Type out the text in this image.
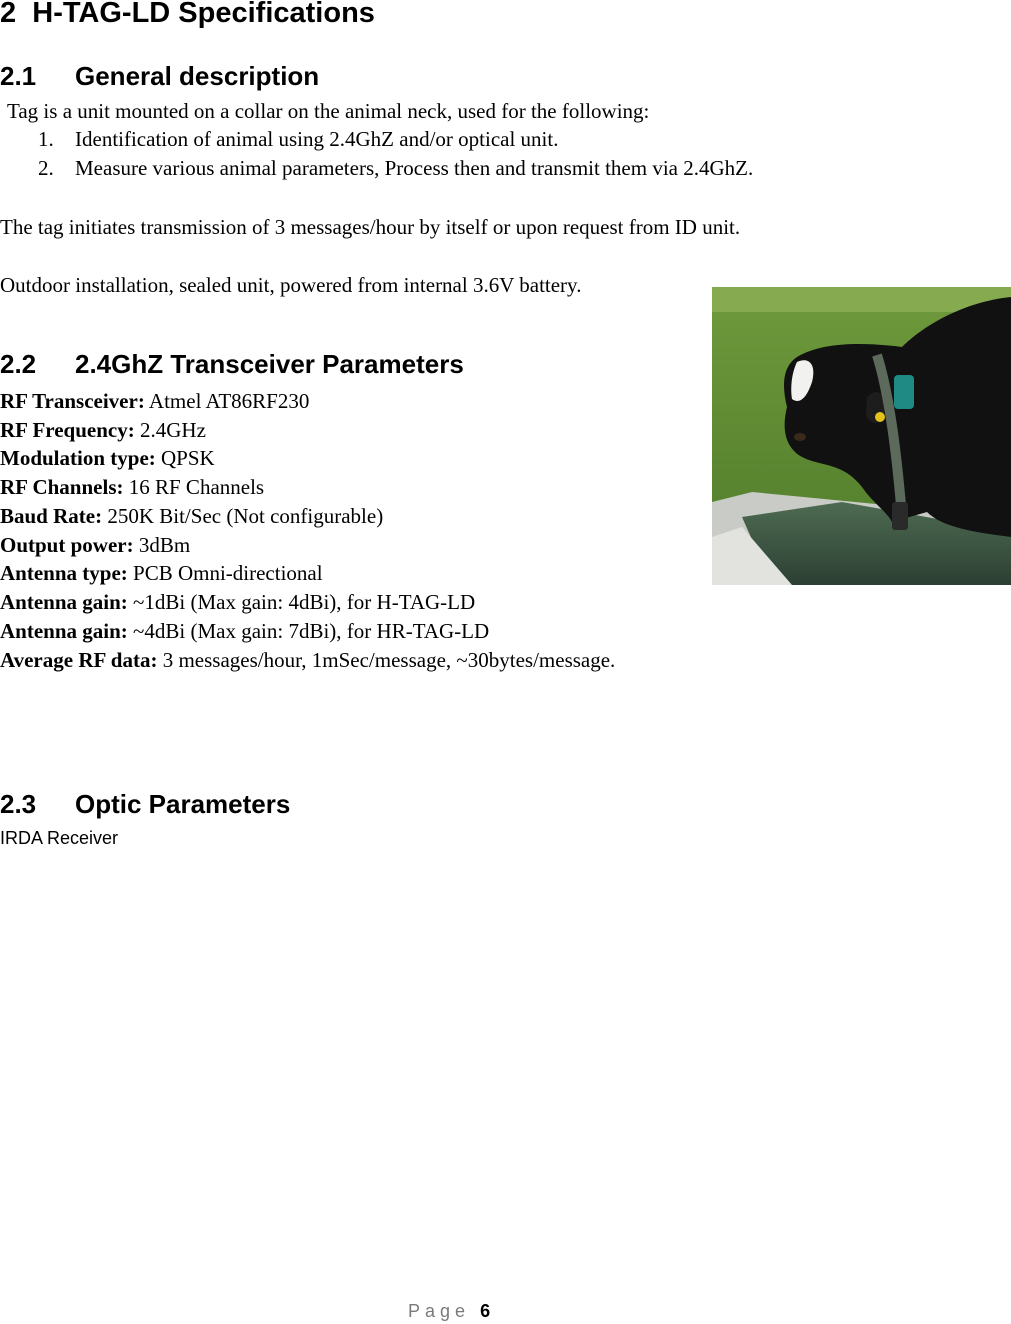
2 H-TAG-LD Specifications
2.1 General description
Tag is a unit mounted on a collar on the animal neck, used for the following:
1. Identification of animal using 2.4GhZ and/or optical unit.
2. Measure various animal parameters, Process then and transmit them via 2.4GhZ.
The tag initiates transmission of 3 messages/hour by itself or upon request from ID unit.
Outdoor installation, sealed unit, powered from internal 3.6V battery.
2.2 2.4GhZ Transceiver Parameters
RF Transceiver: Atmel AT86RF230
RF Frequency: 2.4GHz
Modulation type: QPSK
RF Channels: 16 RF Channels
Baud Rate: 250K Bit/Sec (Not configurable)
Output power: 3dBm
Antenna type: PCB Omni-directional
Antenna gain: ~1dBi (Max gain: 4dBi), for H-TAG-LD
Antenna gain: ~4dBi (Max gain: 7dBi), for HR-TAG-LD
Average RF data: 3 messages/hour, 1mSec/message, ~30bytes/message.
2.3 Optic Parameters
IRDA Receiver
Page 6
